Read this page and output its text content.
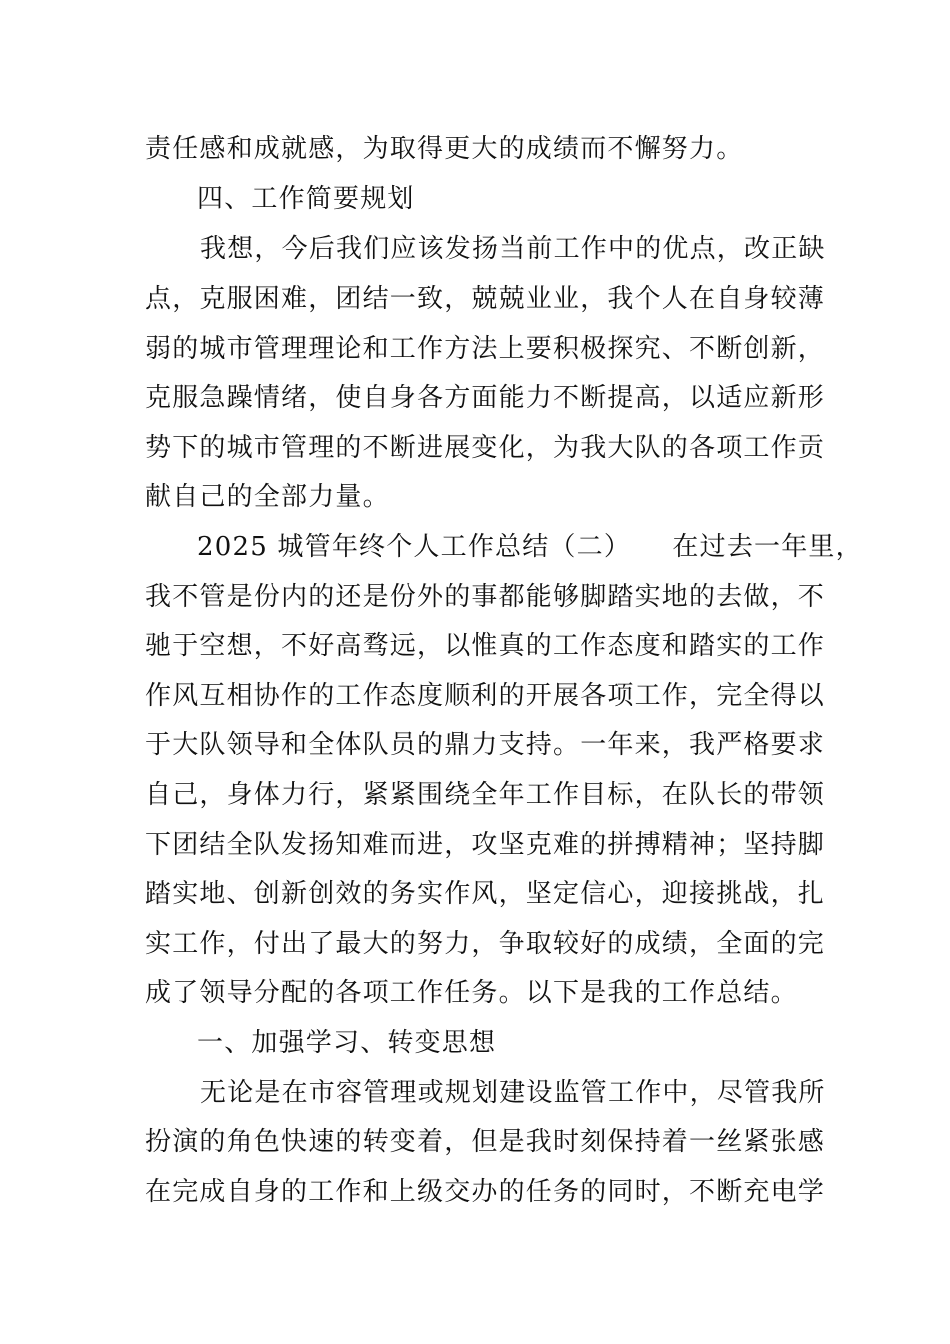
责任感和成就感，为取得更大的成绩而不懈努力。
四、工作简要规划
我想，今后我们应该发扬当前工作中的优点，改正缺
点，克服困难，团结一致，兢兢业业，我个人在自身较薄
弱的城市管理理论和工作方法上要积极探究、不断创新，
克服急躁情绪，使自身各方面能力不断提高，以适应新形
势下的城市管理的不断进展变化，为我大队的各项工作贡
献自己的全部力量。
2025 城管年终个人工作总结（二）　　在过去一年里，
我不管是份内的还是份外的事都能够脚踏实地的去做，不
驰于空想，不好高骛远，以惟真的工作态度和踏实的工作
作风互相协作的工作态度顺利的开展各项工作，完全得以
于大队领导和全体队员的鼎力支持。一年来，我严格要求
自己，身体力行，紧紧围绕全年工作目标，在队长的带领
下团结全队发扬知难而进，攻坚克难的拼搏精神；坚持脚
踏实地、创新创效的务实作风，坚定信心，迎接挑战，扎
实工作，付出了最大的努力，争取较好的成绩，全面的完
成了领导分配的各项工作任务。以下是我的工作总结。
一、加强学习、转变思想
无论是在市容管理或规划建设监管工作中，尽管我所
扮演的角色快速的转变着，但是我时刻保持着一丝紧张感
在完成自身的工作和上级交办的任务的同时，不断充电学
